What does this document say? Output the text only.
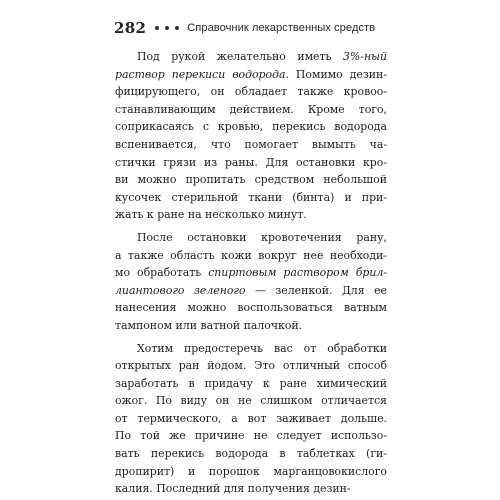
282	Справочник лекарственных средств

Под рукой желательно иметь 3%-ный
раствор перекиси водорода. Помимо дезин-
фицирующего, он обладает также кровоо-
станавливающим действием. Кроме того,
соприкасаясь с кровью, перекись водорода
вспенивается, что помогает вымыть ча-
стички грязи из раны. Для остановки кро-
ви можно пропитать средством небольшой
кусочек стерильной ткани (бинта) и при-
жать к ране на несколько минут.

После остановки кровотечения рану,
а также область кожи вокруг нее необходи-
мо обработать спиртовым раствором брил-
лиантового зеленого — зеленкой. Для ее
нанесения можно воспользоваться ватным
тампоном или ватной палочкой.

Хотим предостеречь вас от обработки
открытых ран йодом. Это отличный способ
заработать в придачу к ране химический
ожог. По виду он не слишком отличается
от термического, а вот заживает дольше.
По той же причине не следует использо-
вать перекись водорода в таблетках (ги-
дропирит) и порошок марганцовокислого
калия. Последний для получения дезин-
